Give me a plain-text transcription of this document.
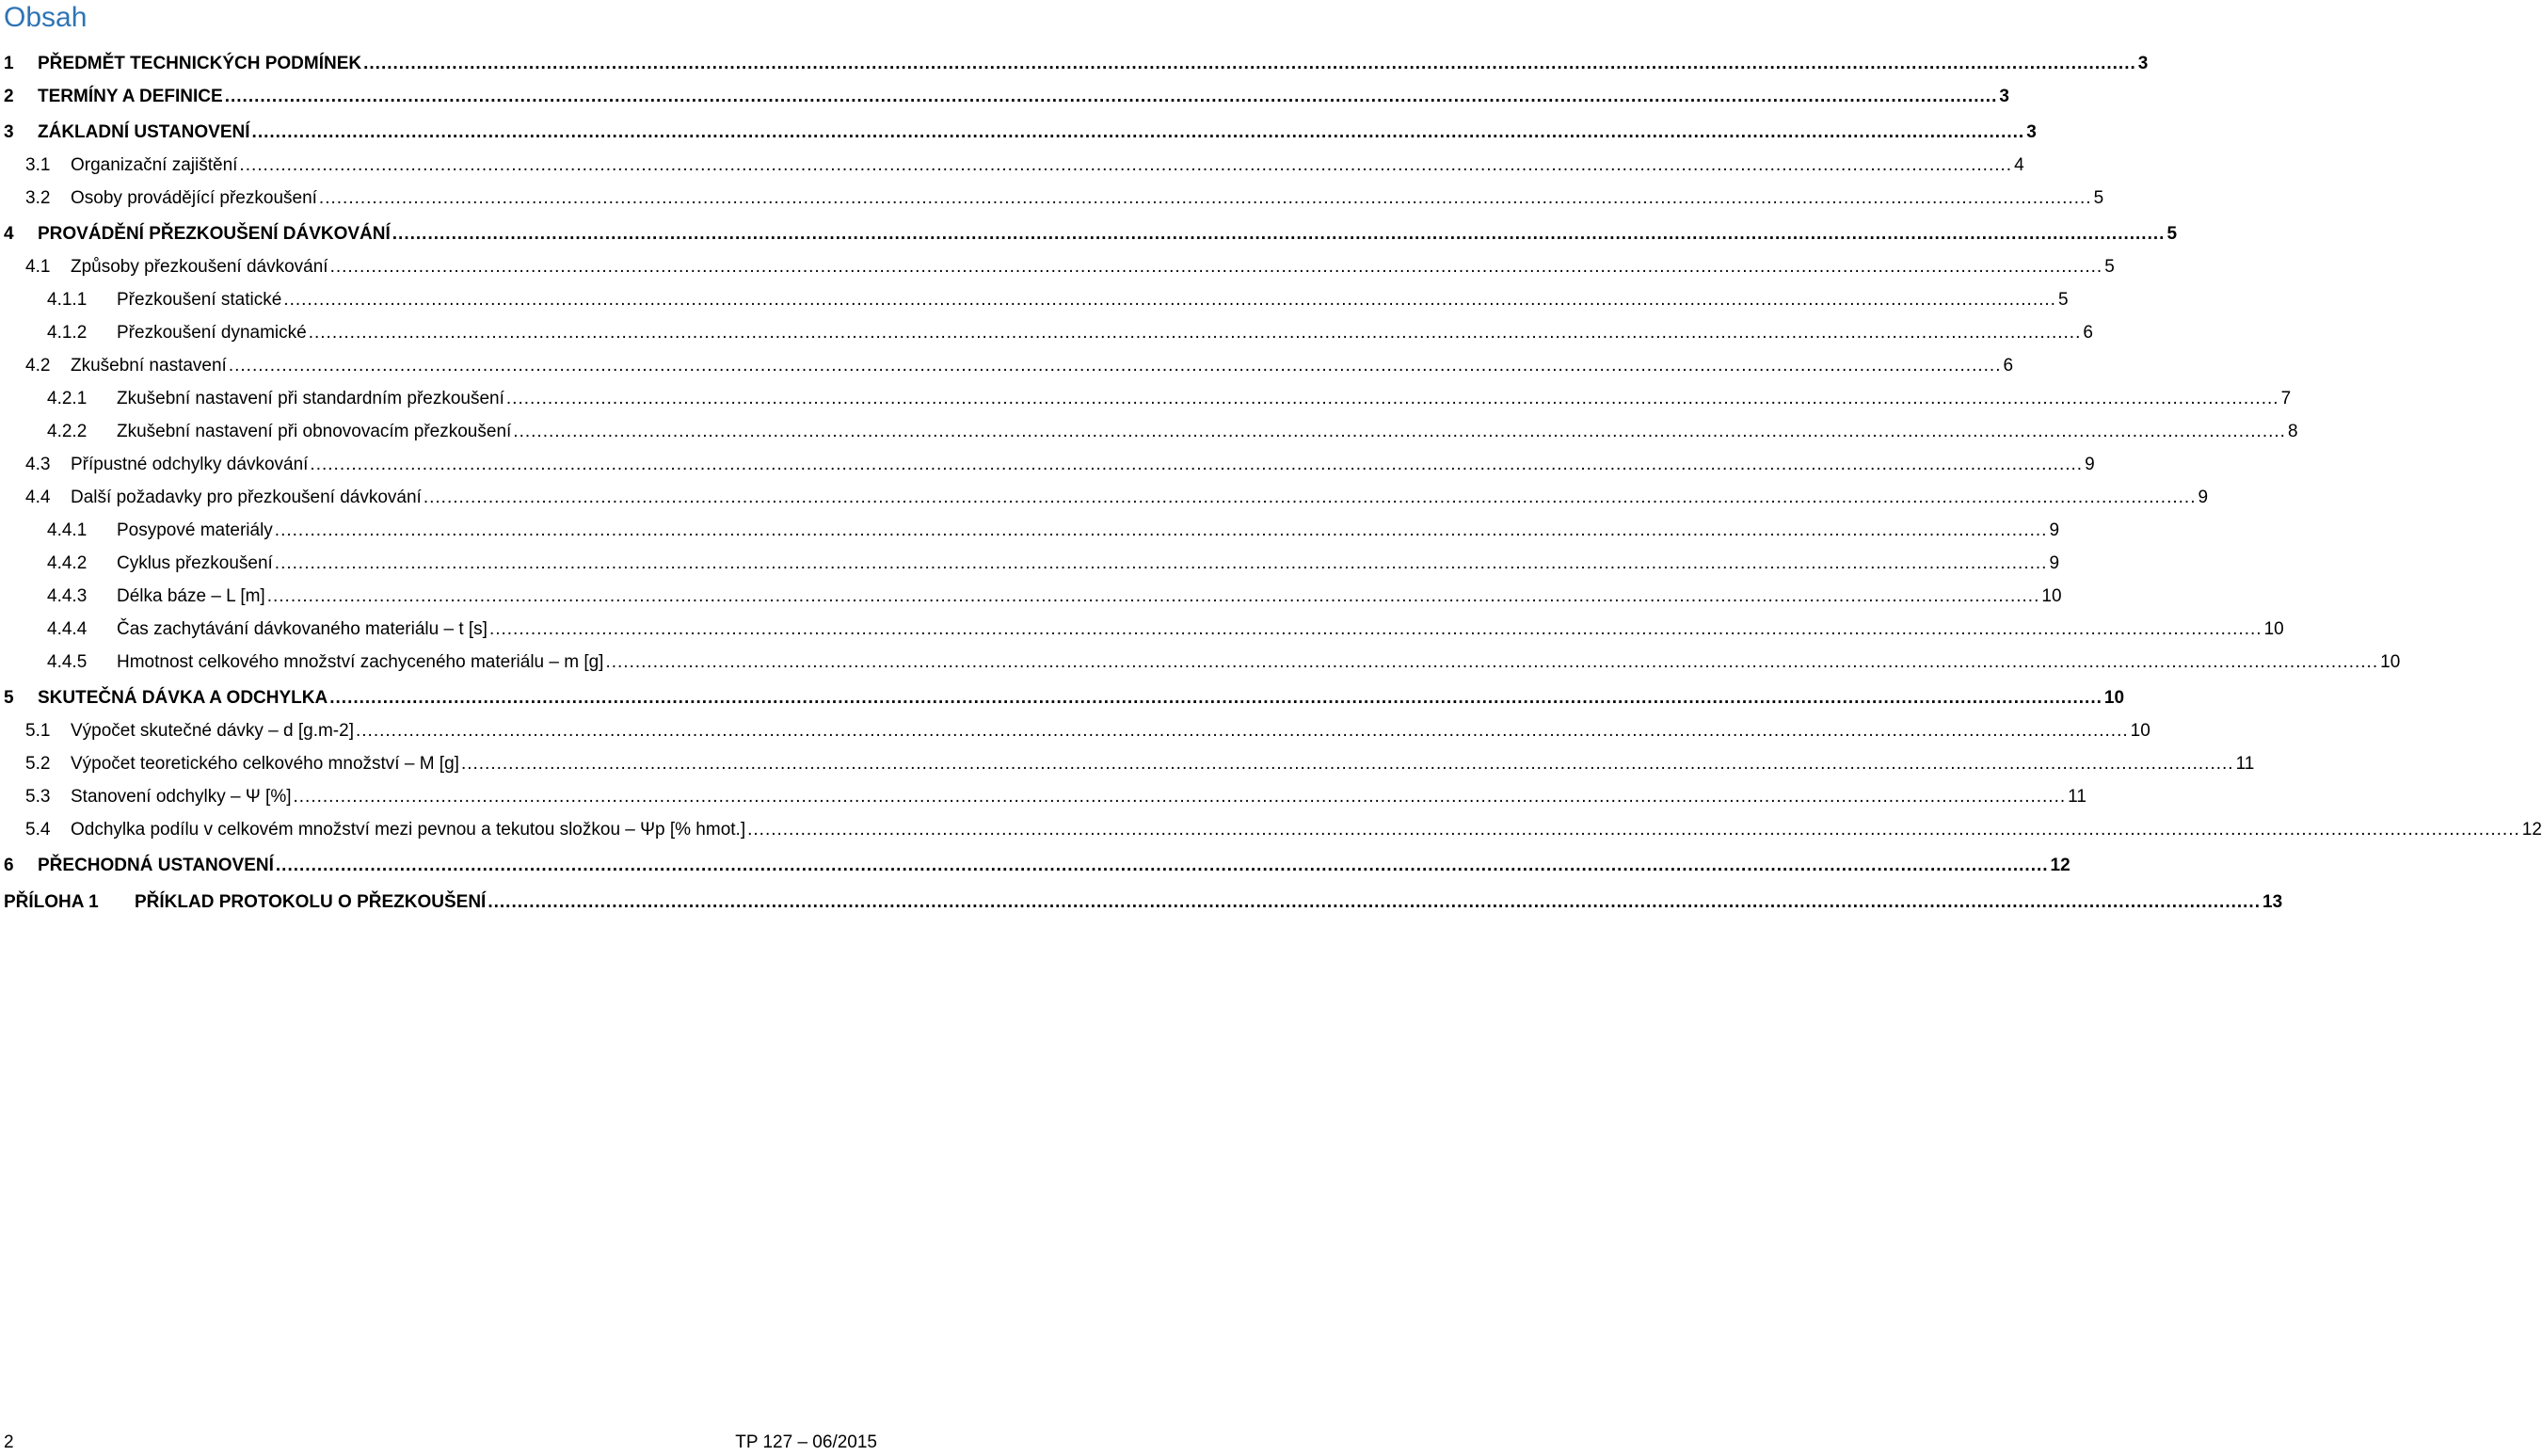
Obsah
1	PŘEDMĚT TECHNICKÝCH PODMÍNEK ............................................................................................................................................................................................................................................................................................................ 3
2	TERMÍNY A DEFINICE ............................................................................................................................................................................................................................................................................................................ 3
3	ZÁKLADNÍ USTANOVENÍ ............................................................................................................................................................................................................................................................................................................ 3
3.1	Organizační zajištění ............................................................................................................................................................................................................................................................................................................ 4
3.2	Osoby provádějící přezkoušení ............................................................................................................................................................................................................................................................................................................ 5
4	PROVÁDĚNÍ PŘEZKOUŠENÍ DÁVKOVÁNÍ ............................................................................................................................................................................................................................................................................................................ 5
4.1	Způsoby přezkoušení dávkování ............................................................................................................................................................................................................................................................................................................ 5
4.1.1	Přezkoušení statické ............................................................................................................................................................................................................................................................................................................ 5
4.1.2	Přezkoušení dynamické ............................................................................................................................................................................................................................................................................................................ 6
4.2	Zkušební nastavení ............................................................................................................................................................................................................................................................................................................ 6
4.2.1	Zkušební nastavení při standardním přezkoušení ............................................................................................................................................................................................................................................................................................................ 7
4.2.2	Zkušební nastavení při obnovovacím přezkoušení ............................................................................................................................................................................................................................................................................................................ 8
4.3	Přípustné odchylky dávkování ............................................................................................................................................................................................................................................................................................................ 9
4.4	Další požadavky pro přezkoušení dávkování ............................................................................................................................................................................................................................................................................................................ 9
4.4.1	Posypové materiály ............................................................................................................................................................................................................................................................................................................ 9
4.4.2	Cyklus přezkoušení ............................................................................................................................................................................................................................................................................................................ 9
4.4.3	Délka báze – L [m] ............................................................................................................................................................................................................................................................................................................ 10
4.4.4	Čas zachytávání dávkovaného materiálu – t [s] ............................................................................................................................................................................................................................................................................................................ 10
4.4.5	Hmotnost celkového množství zachyceného materiálu – m [g] ............................................................................................................................................................................................................................................................................................................ 10
5	SKUTEČNÁ DÁVKA A ODCHYLKA ............................................................................................................................................................................................................................................................................................................ 10
5.1	Výpočet skutečné dávky – d [g.m-2] ............................................................................................................................................................................................................................................................................................................ 10
5.2	Výpočet teoretického celkového množství – M [g] ............................................................................................................................................................................................................................................................................................................ 11
5.3	Stanovení odchylky – Ψ [%] ............................................................................................................................................................................................................................................................................................................ 11
5.4	Odchylka podílu v celkovém množství mezi pevnou a tekutou složkou – Ψp [% hmot.] ............................................................................................................................................................................................................................................................................................................ 12
6	PŘECHODNÁ USTANOVENÍ ............................................................................................................................................................................................................................................................................................................ 12
PŘÍLOHA 1	PŘÍKLAD PROTOKOLU O PŘEZKOUŠENÍ ............................................................................................................................................................................................................................................................................................................ 13
2	TP 127 – 06/2015
